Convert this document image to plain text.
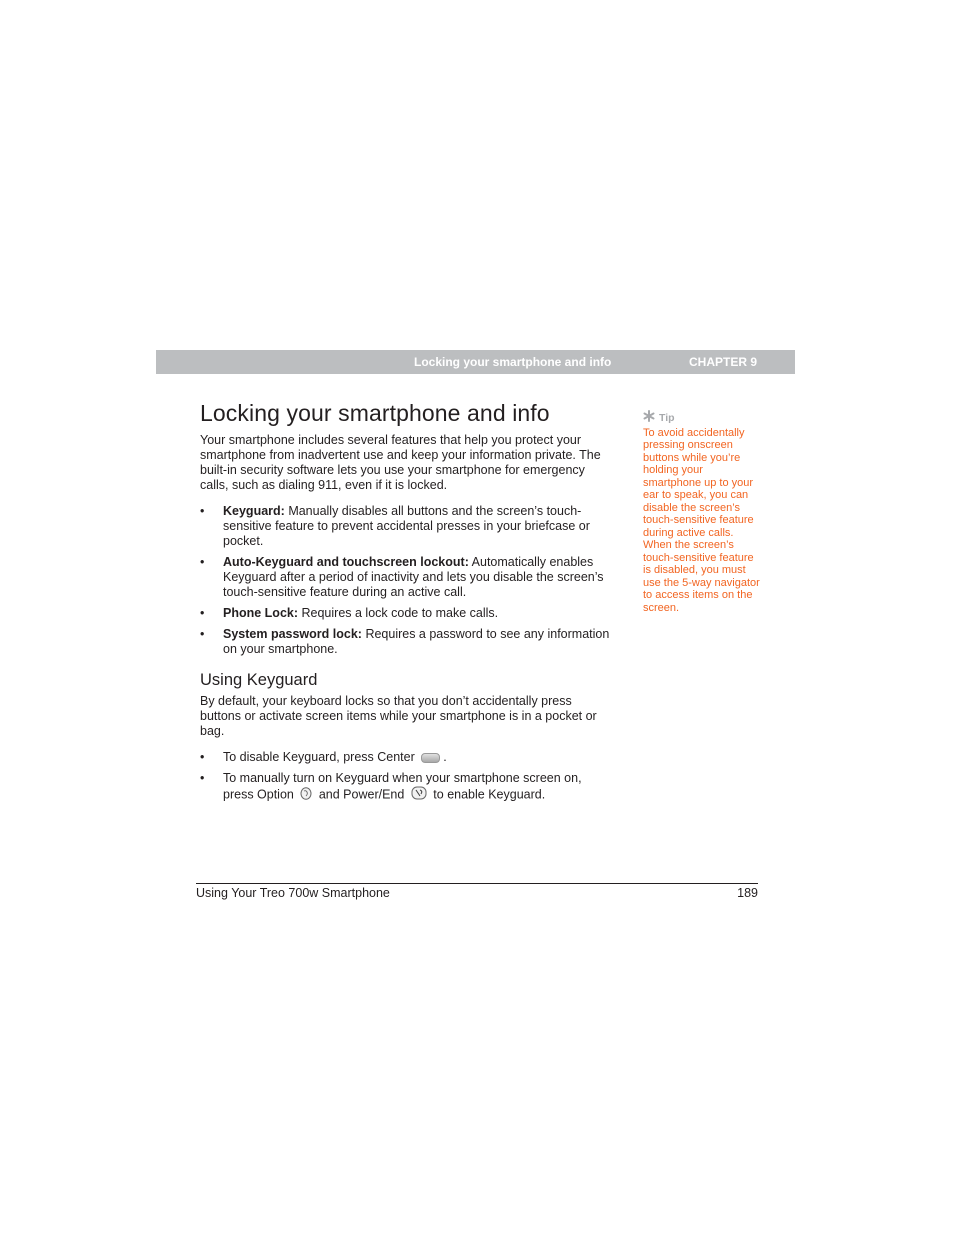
Locking your smartphone and info	CHAPTER 9
Locking your smartphone and info

Your smartphone includes several features that help you protect your smartphone from inadvertent use and keep your information private. The built-in security software lets you use your smartphone for emergency calls, such as dialing 911, even if it is locked.

• Keyguard: Manually disables all buttons and the screen’s touch-sensitive feature to prevent accidental presses in your briefcase or pocket.
• Auto-Keyguard and touchscreen lockout: Automatically enables Keyguard after a period of inactivity and lets you disable the screen’s touch-sensitive feature during an active call.
• Phone Lock: Requires a lock code to make calls.
• System password lock: Requires a password to see any information on your smartphone.
Using Keyguard

By default, your keyboard locks so that you don’t accidentally press buttons or activate screen items while your smartphone is in a pocket or bag.

• To disable Keyguard, press Center .
• To manually turn on Keyguard when your smartphone screen on, press Option and Power/End to enable Keyguard.
Tip
To avoid accidentally pressing onscreen buttons while you’re holding your smartphone up to your ear to speak, you can disable the screen’s touch-sensitive feature during active calls. When the screen’s touch-sensitive feature is disabled, you must use the 5-way navigator to access items on the screen.
Using Your Treo 700w Smartphone	189
